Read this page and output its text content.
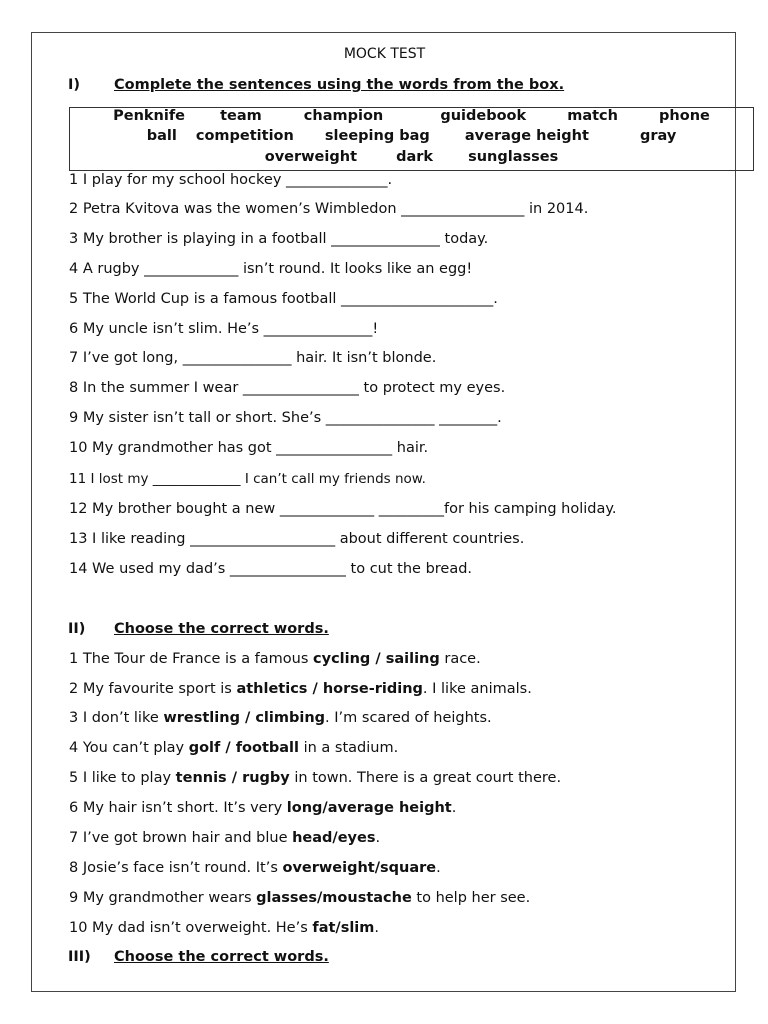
MOCK TEST
I) Complete the sentences using the words from the box.
Penknife team	champion	guidebook	match	phone
ball competition sleeping bag average height	gray
overweight	dark sunglasses
1 I play for my school hockey ______________.
2 Petra Kvitova was the women’s Wimbledon _________________ in 2014.
3 My brother is playing in a football _______________ today.
4 A rugby _____________ isn’t round. It looks like an egg!
5 The World Cup is a famous football _____________________.
6 My uncle isn’t slim. He’s _______________!
7 I’ve got long, _______________ hair. It isn’t blonde.
8 In the summer I wear ________________ to protect my eyes.
9 My sister isn’t tall or short. She’s _______________ ________.
10 My grandmother has got ________________ hair.
11 I lost my _____________ I can’t call my friends now.
12 My brother bought a new _____________ _________for his camping holiday.
13 I like reading ____________________ about different countries.
14 We used my dad’s ________________ to cut the bread.
II) Choose the correct words.
1 The Tour de France is a famous cycling / sailing race.
2 My favourite sport is athletics / horse-riding. I like animals.
3 I don’t like wrestling / climbing. I’m scared of heights.
4 You can’t play golf / football in a stadium.
5 I like to play tennis / rugby in town. There is a great court there.
6 My hair isn’t short. It’s very long/average height.
7 I’ve got brown hair and blue head/eyes.
8 Josie’s face isn’t round. It’s overweight/square.
9 My grandmother wears glasses/moustache to help her see.
10 My dad isn’t overweight. He’s fat/slim.
III) Choose the correct words.
